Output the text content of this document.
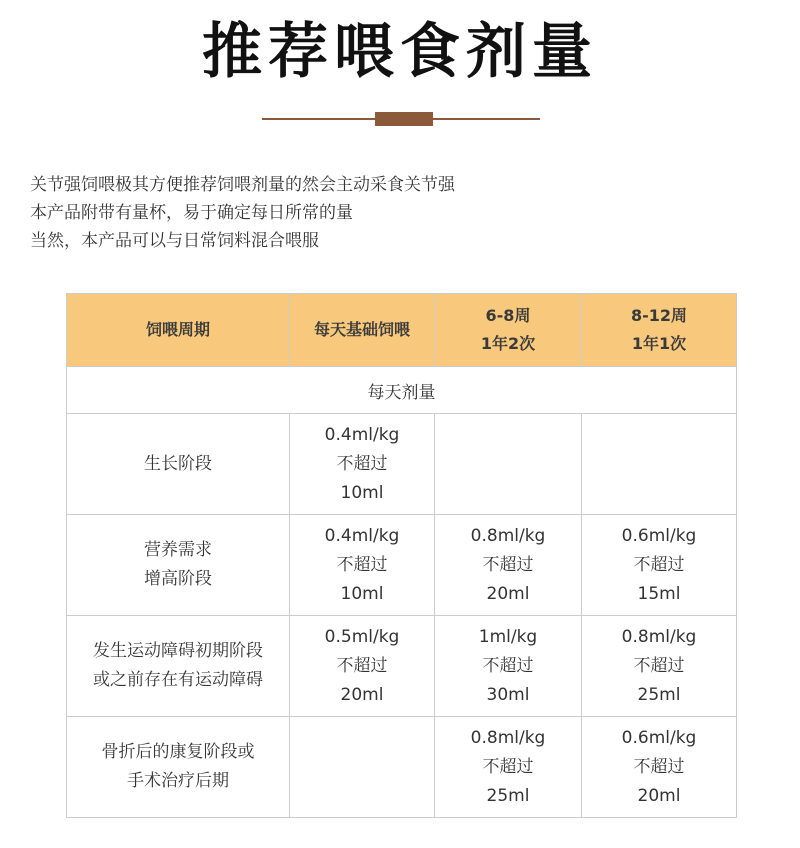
推荐喂食剂量
关节强饲喂极其方便推荐饲喂剂量的然会主动采食关节强
本产品附带有量杯，易于确定每日所常的量
当然，本产品可以与日常饲料混合喂服
饲喂周期	每天基础饲喂	6-8周
1年2次	8-12周
1年1次

每天剂量			

生长阶段	0.4ml/kg
不超过
10ml		

营养需求
增高阶段	0.4ml/kg
不超过
10ml	0.8ml/kg
不超过
20ml	0.6ml/kg
不超过
15ml

发生运动障碍初期阶段
或之前存在有运动障碍	0.5ml/kg
不超过
20ml	1ml/kg
不超过
30ml	0.8ml/kg
不超过
25ml

骨折后的康复阶段或
手术治疗后期		0.8ml/kg
不超过
25ml	0.6ml/kg
不超过
20ml
